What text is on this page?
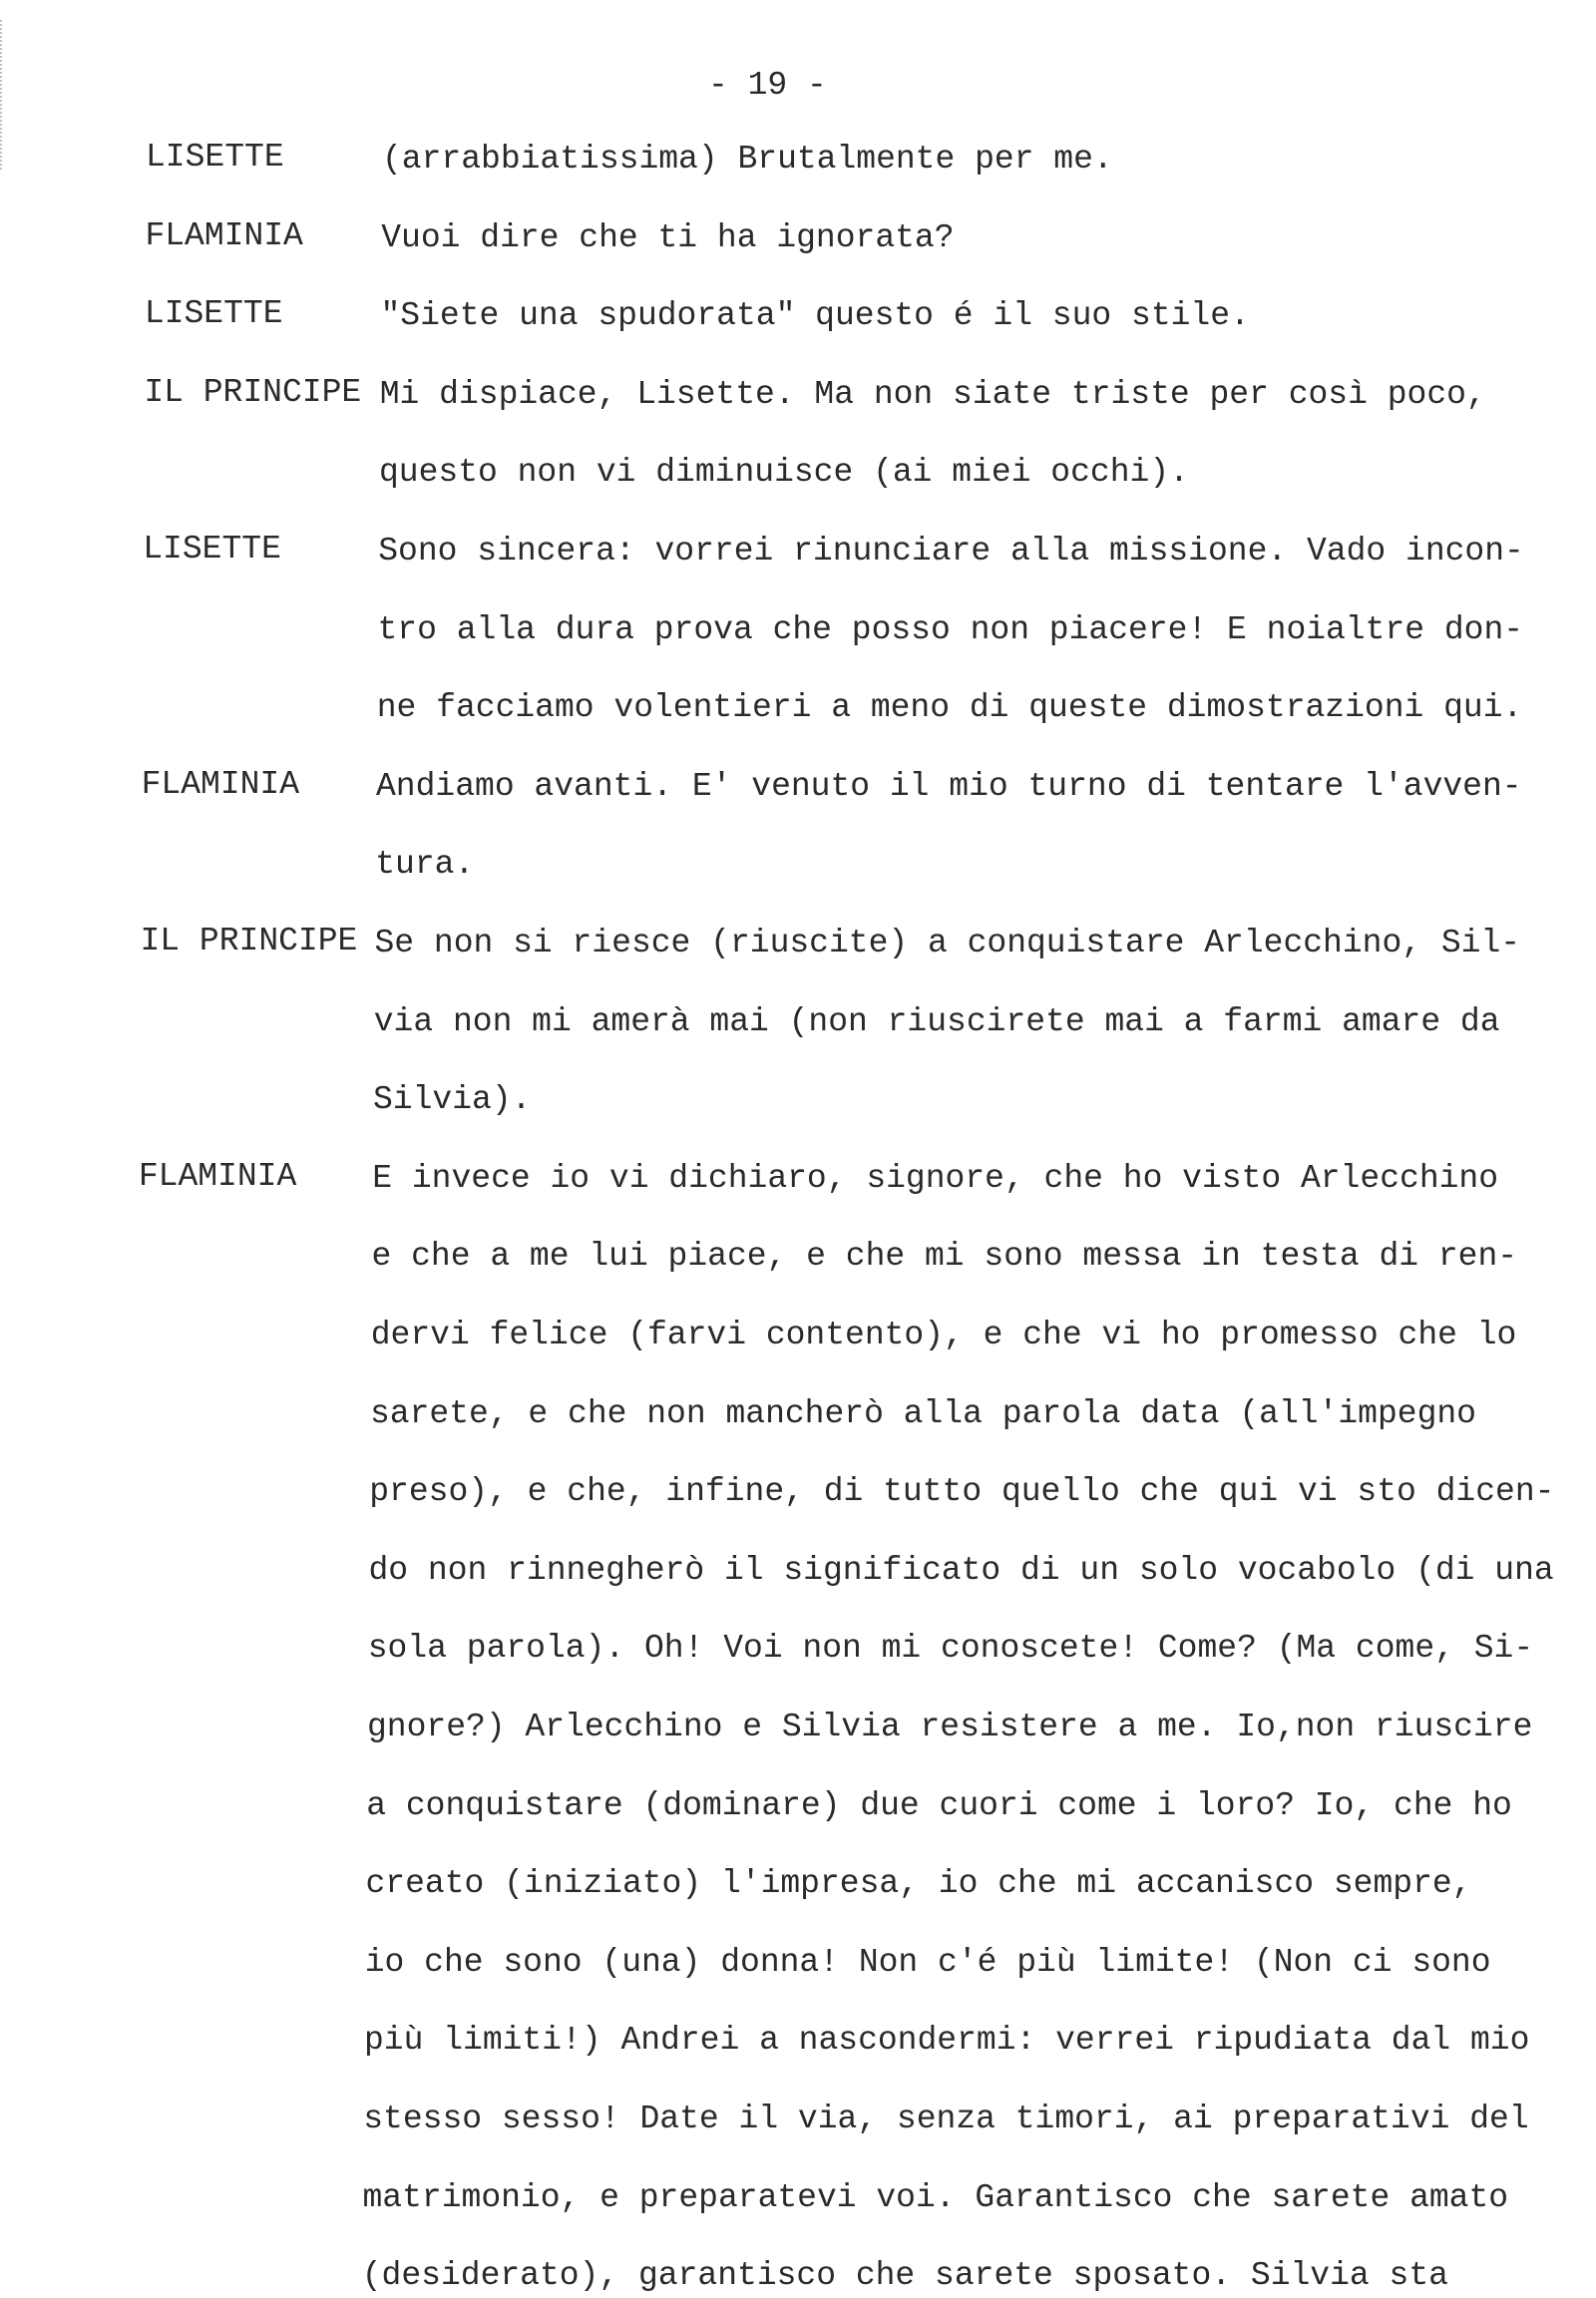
- 19 -
LISETTE	(arrabbiatissima) Brutalmente per me.
FLAMINIA Vuoi dire che ti ha ignorata?
LISETTE	"Siete una spudorata" questo é il suo stile.
IL PRINCIPE Mi dispiace, Lisette. Ma non siate triste per così poco,
questo non vi diminuisce (ai miei occhi).
LISETTE	Sono sincera: vorrei rinunciare alla missione. Vado incon-
tro alla dura prova che posso non piacere! E noialtre don-
ne facciamo volentieri a meno di queste dimostrazioni qui.
FLAMINIA Andiamo avanti. E' venuto il mio turno di tentare l'avven-
tura.
IL PRINCIPE Se non si riesce (riuscite) a conquistare Arlecchino, Sil-
via non mi amerà mai (non riuscirete mai a farmi amare da
Silvia).
FLAMINIA E invece io vi dichiaro, signore, che ho visto Arlecchino
e che a me lui piace, e che mi sono messa in testa di ren-
dervi felice (farvi contento), e che vi ho promesso che lo
sarete, e che non mancherò alla parola data (all'impegno
preso), e che, infine, di tutto quello che qui vi sto dicen-
do non rinnegherò il significato di un solo vocabolo (di una
sola parola). Oh! Voi non mi conoscete! Come? (Ma come, Si-
gnore?) Arlecchino e Silvia resistere a me. Io,non riuscire
a conquistare (dominare) due cuori come i loro? Io, che ho
creato (iniziato) l'impresa, io che mi accanisco sempre,
io che sono (una) donna! Non c'é più limite! (Non ci sono
più limiti!) Andrei a nascondermi: verrei ripudiata dal mio
stesso sesso! Date il via, senza timori, ai preparativi del
matrimonio, e preparatevi voi. Garantisco che sarete amato
(desiderato), garantisco che sarete sposato. Silvia sta
